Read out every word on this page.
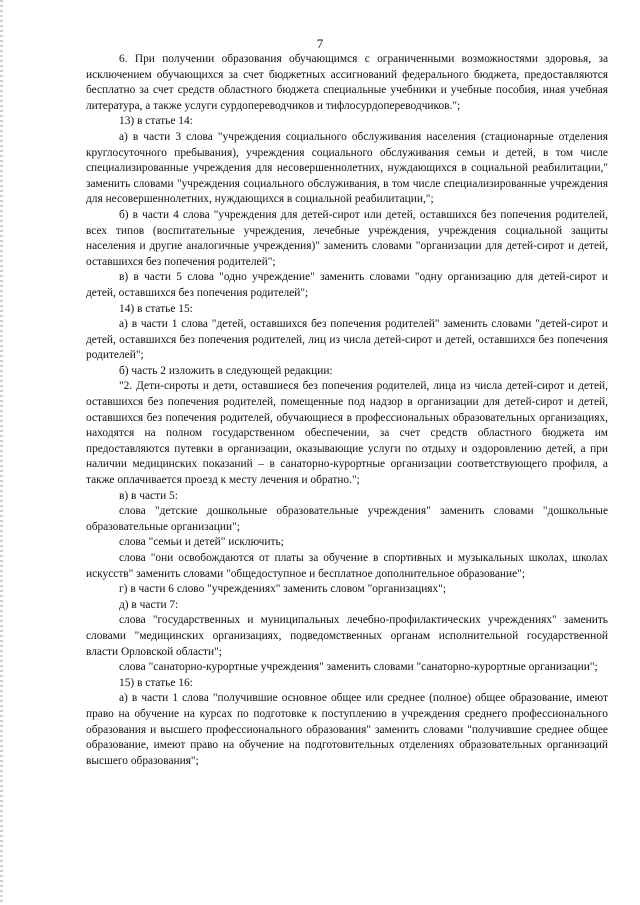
7

6. При получении образования обучающимся с ограниченными возможностями здоровья, за исключением обучающихся за счет бюджетных ассигнований федерального бюджета, предоставляются бесплатно за счет средств областного бюджета специальные учебники и учебные пособия, иная учебная литература, а также услуги сурдопереводчиков и тифлосурдопереводчиков.";

13) в статье 14:

а) в части 3 слова "учреждения социального обслуживания населения (стационарные отделения круглосуточного пребывания), учреждения социального обслуживания семьи и детей, в том числе специализированные учреждения для несовершеннолетних, нуждающихся в социальной реабилитации," заменить словами "учреждения социального обслуживания, в том числе специализированные учреждения для несовершеннолетних, нуждающихся в социальной реабилитации,";

б) в части 4 слова "учреждения для детей-сирот или детей, оставшихся без попечения родителей, всех типов (воспитательные учреждения, лечебные учреждения, учреждения социальной защиты населения и другие аналогичные учреждения)" заменить словами "организации для детей-сирот и детей, оставшихся без попечения родителей";

в) в части 5 слова "одно учреждение" заменить словами "одну организацию для детей-сирот и детей, оставшихся без попечения родителей";

14) в статье 15:

а) в части 1 слова "детей, оставшихся без попечения родителей" заменить словами "детей-сирот и детей, оставшихся без попечения родителей, лиц из числа детей-сирот и детей, оставшихся без попечения родителей";

б) часть 2 изложить в следующей редакции:

"2. Дети-сироты и дети, оставшиеся без попечения родителей, лица из числа детей-сирот и детей, оставшихся без попечения родителей, помещенные под надзор в организации для детей-сирот и детей, оставшихся без попечения родителей, обучающиеся в профессиональных образовательных организациях, находятся на полном государственном обеспечении, за счет средств областного бюджета им предоставляются путевки в организации, оказывающие услуги по отдыху и оздоровлению детей, а при наличии медицинских показаний – в санаторно-курортные организации соответствующего профиля, а также оплачивается проезд к месту лечения и обратно.";

в) в части 5:

слова "детские дошкольные образовательные учреждения" заменить словами "дошкольные образовательные организации";

слова "семьи и детей" исключить;

слова "они освобождаются от платы за обучение в спортивных и музыкальных школах, школах искусств" заменить словами "общедоступное и бесплатное дополнительное образование";

г) в части 6 слово "учреждениях" заменить словом "организациях";

д) в части 7:

слова "государственных и муниципальных лечебно-профилактических учреждениях" заменить словами "медицинских организациях, подведомственных органам исполнительной государственной власти Орловской области";

слова "санаторно-курортные учреждения" заменить словами "санаторно-курортные организации";

15) в статье 16:

а) в части 1 слова "получившие основное общее или среднее (полное) общее образование, имеют право на обучение на курсах по подготовке к поступлению в учреждения среднего профессионального образования и высшего профессионального образования" заменить словами "получившие среднее общее образование, имеют право на обучение на подготовительных отделениях образовательных организаций высшего образования";
